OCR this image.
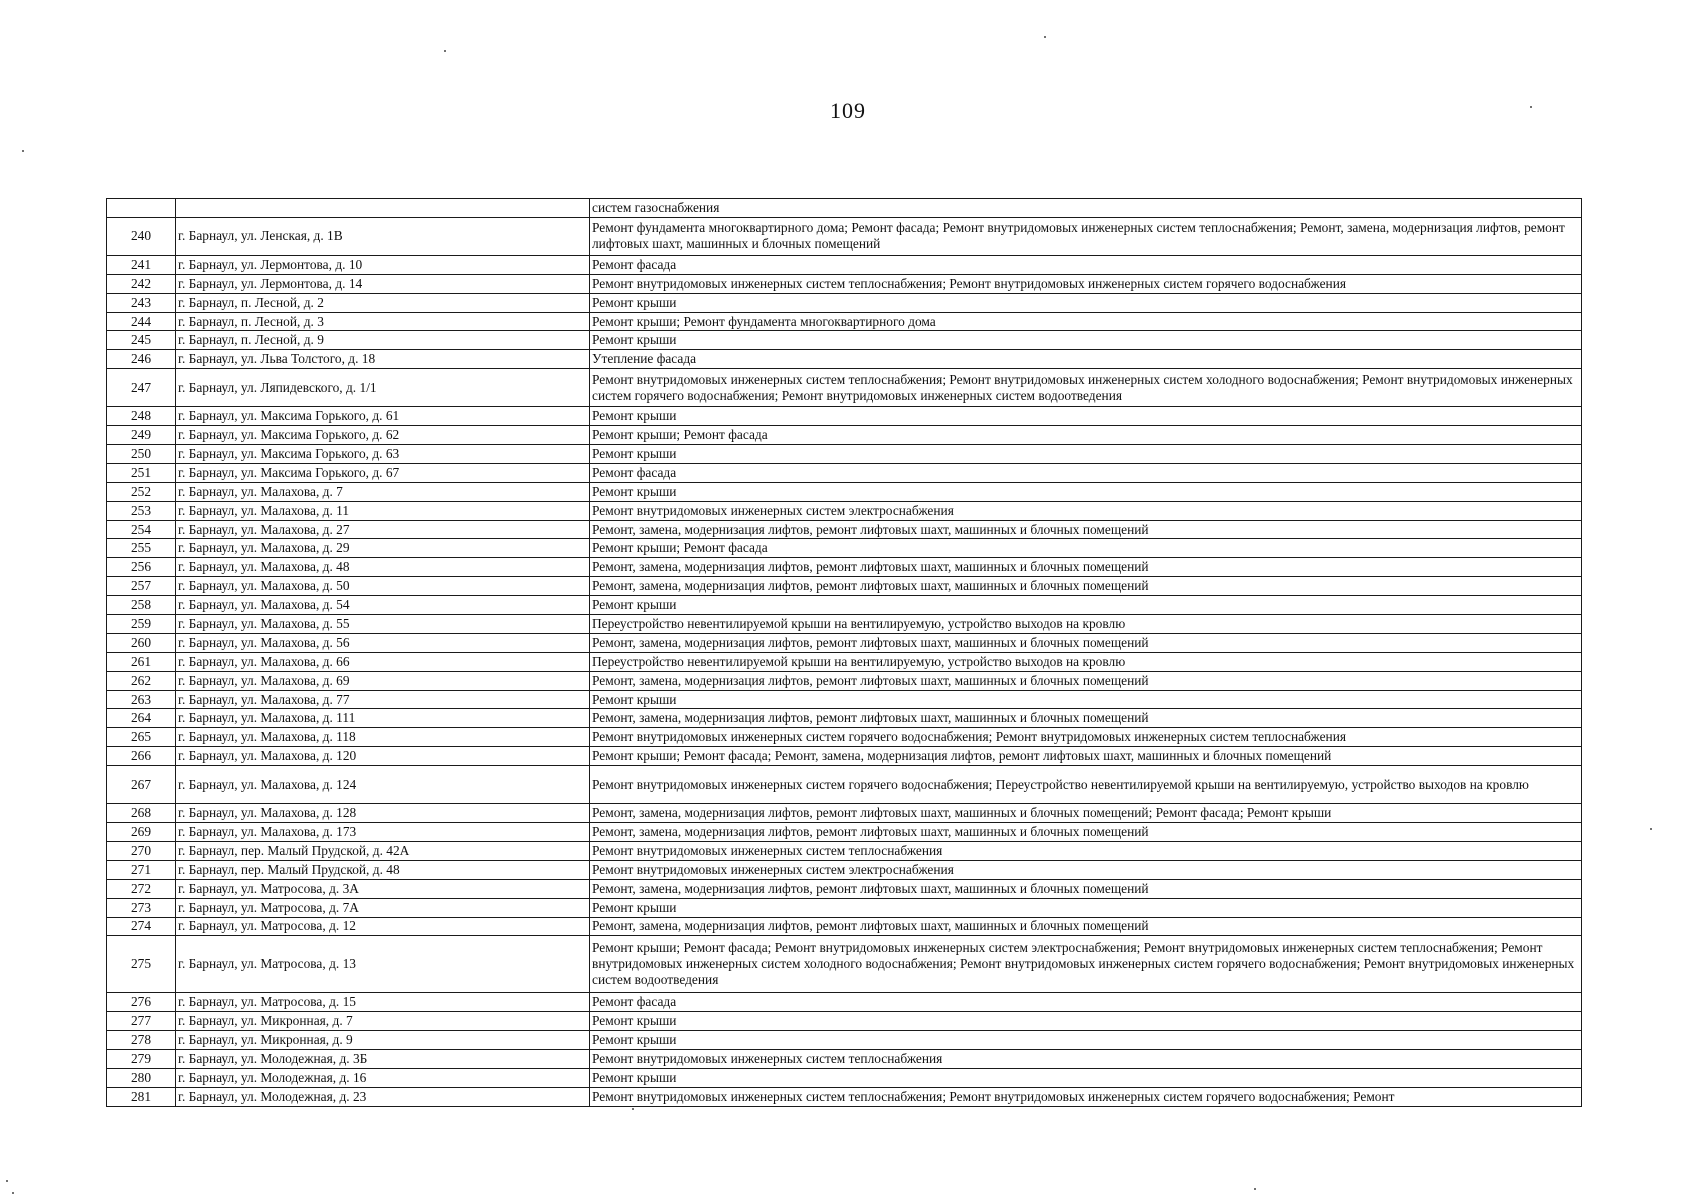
109
		систем газоснабжения
240	г. Барнаул, ул. Ленская, д. 1В	Ремонт фундамента многоквартирного дома; Ремонт фасада; Ремонт внутридомовых инженерных систем теплоснабжения; Ремонт, замена, модернизация лифтов, ремонт лифтовых шахт, машинных и блочных помещений
241	г. Барнаул, ул. Лермонтова, д. 10	Ремонт фасада
242	г. Барнаул, ул. Лермонтова, д. 14	Ремонт внутридомовых инженерных систем теплоснабжения; Ремонт внутридомовых инженерных систем горячего водоснабжения
243	г. Барнаул, п. Лесной, д. 2	Ремонт крыши
244	г. Барнаул, п. Лесной, д. 3	Ремонт крыши; Ремонт фундамента многоквартирного дома
245	г. Барнаул, п. Лесной, д. 9	Ремонт крыши
246	г. Барнаул, ул. Льва Толстого, д. 18	Утепление фасада
247	г. Барнаул, ул. Ляпидевского, д. 1/1	Ремонт внутридомовых инженерных систем теплоснабжения; Ремонт внутридомовых инженерных систем холодного водоснабжения; Ремонт внутридомовых инженерных систем горячего водоснабжения; Ремонт внутридомовых инженерных систем водоотведения
248	г. Барнаул, ул. Максима Горького, д. 61	Ремонт крыши
249	г. Барнаул, ул. Максима Горького, д. 62	Ремонт крыши; Ремонт фасада
250	г. Барнаул, ул. Максима Горького, д. 63	Ремонт крыши
251	г. Барнаул, ул. Максима Горького, д. 67	Ремонт фасада
252	г. Барнаул, ул. Малахова, д. 7	Ремонт крыши
253	г. Барнаул, ул. Малахова, д. 11	Ремонт внутридомовых инженерных систем электроснабжения
254	г. Барнаул, ул. Малахова, д. 27	Ремонт, замена, модернизация лифтов, ремонт лифтовых шахт, машинных и блочных помещений
255	г. Барнаул, ул. Малахова, д. 29	Ремонт крыши; Ремонт фасада
256	г. Барнаул, ул. Малахова, д. 48	Ремонт, замена, модернизация лифтов, ремонт лифтовых шахт, машинных и блочных помещений
257	г. Барнаул, ул. Малахова, д. 50	Ремонт, замена, модернизация лифтов, ремонт лифтовых шахт, машинных и блочных помещений
258	г. Барнаул, ул. Малахова, д. 54	Ремонт крыши
259	г. Барнаул, ул. Малахова, д. 55	Переустройство невентилируемой крыши на вентилируемую, устройство выходов на кровлю
260	г. Барнаул, ул. Малахова, д. 56	Ремонт, замена, модернизация лифтов, ремонт лифтовых шахт, машинных и блочных помещений
261	г. Барнаул, ул. Малахова, д. 66	Переустройство невентилируемой крыши на вентилируемую, устройство выходов на кровлю
262	г. Барнаул, ул. Малахова, д. 69	Ремонт, замена, модернизация лифтов, ремонт лифтовых шахт, машинных и блочных помещений
263	г. Барнаул, ул. Малахова, д. 77	Ремонт крыши
264	г. Барнаул, ул. Малахова, д. 111	Ремонт, замена, модернизация лифтов, ремонт лифтовых шахт, машинных и блочных помещений
265	г. Барнаул, ул. Малахова, д. 118	Ремонт внутридомовых инженерных систем горячего водоснабжения; Ремонт внутридомовых инженерных систем теплоснабжения
266	г. Барнаул, ул. Малахова, д. 120	Ремонт крыши; Ремонт фасада; Ремонт, замена, модернизация лифтов, ремонт лифтовых шахт, машинных и блочных помещений
267	г. Барнаул, ул. Малахова, д. 124	Ремонт внутридомовых инженерных систем горячего водоснабжения; Переустройство невентилируемой крыши на вентилируемую, устройство выходов на кровлю
268	г. Барнаул, ул. Малахова, д. 128	Ремонт, замена, модернизация лифтов, ремонт лифтовых шахт, машинных и блочных помещений; Ремонт фасада; Ремонт крыши
269	г. Барнаул, ул. Малахова, д. 173	Ремонт, замена, модернизация лифтов, ремонт лифтовых шахт, машинных и блочных помещений
270	г. Барнаул, пер. Малый Прудской, д. 42А	Ремонт внутридомовых инженерных систем теплоснабжения
271	г. Барнаул, пер. Малый Прудской, д. 48	Ремонт внутридомовых инженерных систем электроснабжения
272	г. Барнаул, ул. Матросова, д. 3А	Ремонт, замена, модернизация лифтов, ремонт лифтовых шахт, машинных и блочных помещений
273	г. Барнаул, ул. Матросова, д. 7А	Ремонт крыши
274	г. Барнаул, ул. Матросова, д. 12	Ремонт, замена, модернизация лифтов, ремонт лифтовых шахт, машинных и блочных помещений
275	г. Барнаул, ул. Матросова, д. 13	Ремонт крыши; Ремонт фасада; Ремонт внутридомовых инженерных систем электроснабжения; Ремонт внутридомовых инженерных систем теплоснабжения; Ремонт внутридомовых инженерных систем холодного водоснабжения; Ремонт внутридомовых инженерных систем горячего водоснабжения; Ремонт внутридомовых инженерных систем водоотведения
276	г. Барнаул, ул. Матросова, д. 15	Ремонт фасада
277	г. Барнаул, ул. Микронная, д. 7	Ремонт крыши
278	г. Барнаул, ул. Микронная, д. 9	Ремонт крыши
279	г. Барнаул, ул. Молодежная, д. 3Б	Ремонт внутридомовых инженерных систем теплоснабжения
280	г. Барнаул, ул. Молодежная, д. 16	Ремонт крыши
281	г. Барнаул, ул. Молодежная, д. 23	Ремонт внутридомовых инженерных систем теплоснабжения; Ремонт внутридомовых инженерных систем горячего водоснабжения; Ремонт
